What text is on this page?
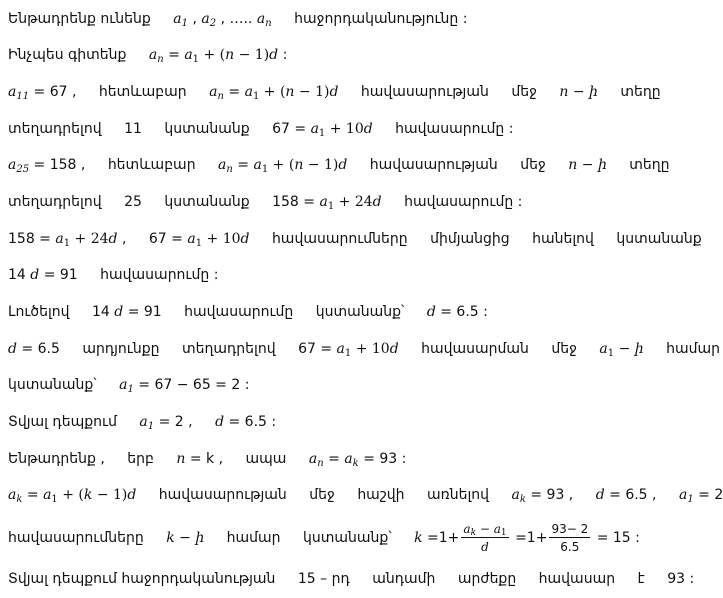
Ենթադրենք ունենք $a_1$ , $a_2$ , ….. $a_n$ հաջորդականությունը :
Ինչպես գիտենք $a_n = a_1 + (n - 1)d$ :
$a_{11} = 67$ , հետևաբար $a_n = a_1 + (n - 1)d$ հավասարության մեջ n − ի տեղը
տեղադրելով 11 կստանանք $67 = a_1 + 10d$ հավասարումը :
$a_{25} = 158$ , հետևաբար $a_n = a_1 + (n - 1)d$ հավասարության մեջ n − ի տեղը
տեղադրելով 25 կստանանք $158 = a_1 + 24d$ հավասարումը :
$158 = a_1 + 24d$ , $67 = a_1 + 10d$ հավասարումները միմյանցից հանելով կստանանք
14 d = 91 հավասարումը :
Լուծելով 14 d = 91 հավասարումը կստանանք՝ d = 6.5 :
d = 6.5 արդյունքը տեղադրելով $67 = a_1 + 10d$ հավասարման մեջ $a_1$ − ի համար
կստանանք՝ $a_1 = 67 - 65 = 2$ :
Տվյալ դեպքում $a_1 = 2$ , d = 6.5 :
Ենթադրենք , երբ n = k , ապա $a_n = a_k = 93$ :
$a_k = a_1 + (k - 1)d$ հավասարության մեջ հաշվի առնելով $a_k = 93$ , d = 6.5 , $a_1 = 2$
հավասարումները k − ի համար կստանանք՝ $k =1+ \frac{a_k - a_1}{d} =1+ \frac{93- 2}{6.5} = 15$ :
Տվյալ դեպքում հաջորդականության 15 – րդ անդամի արժեքը հավասար է 93 :
